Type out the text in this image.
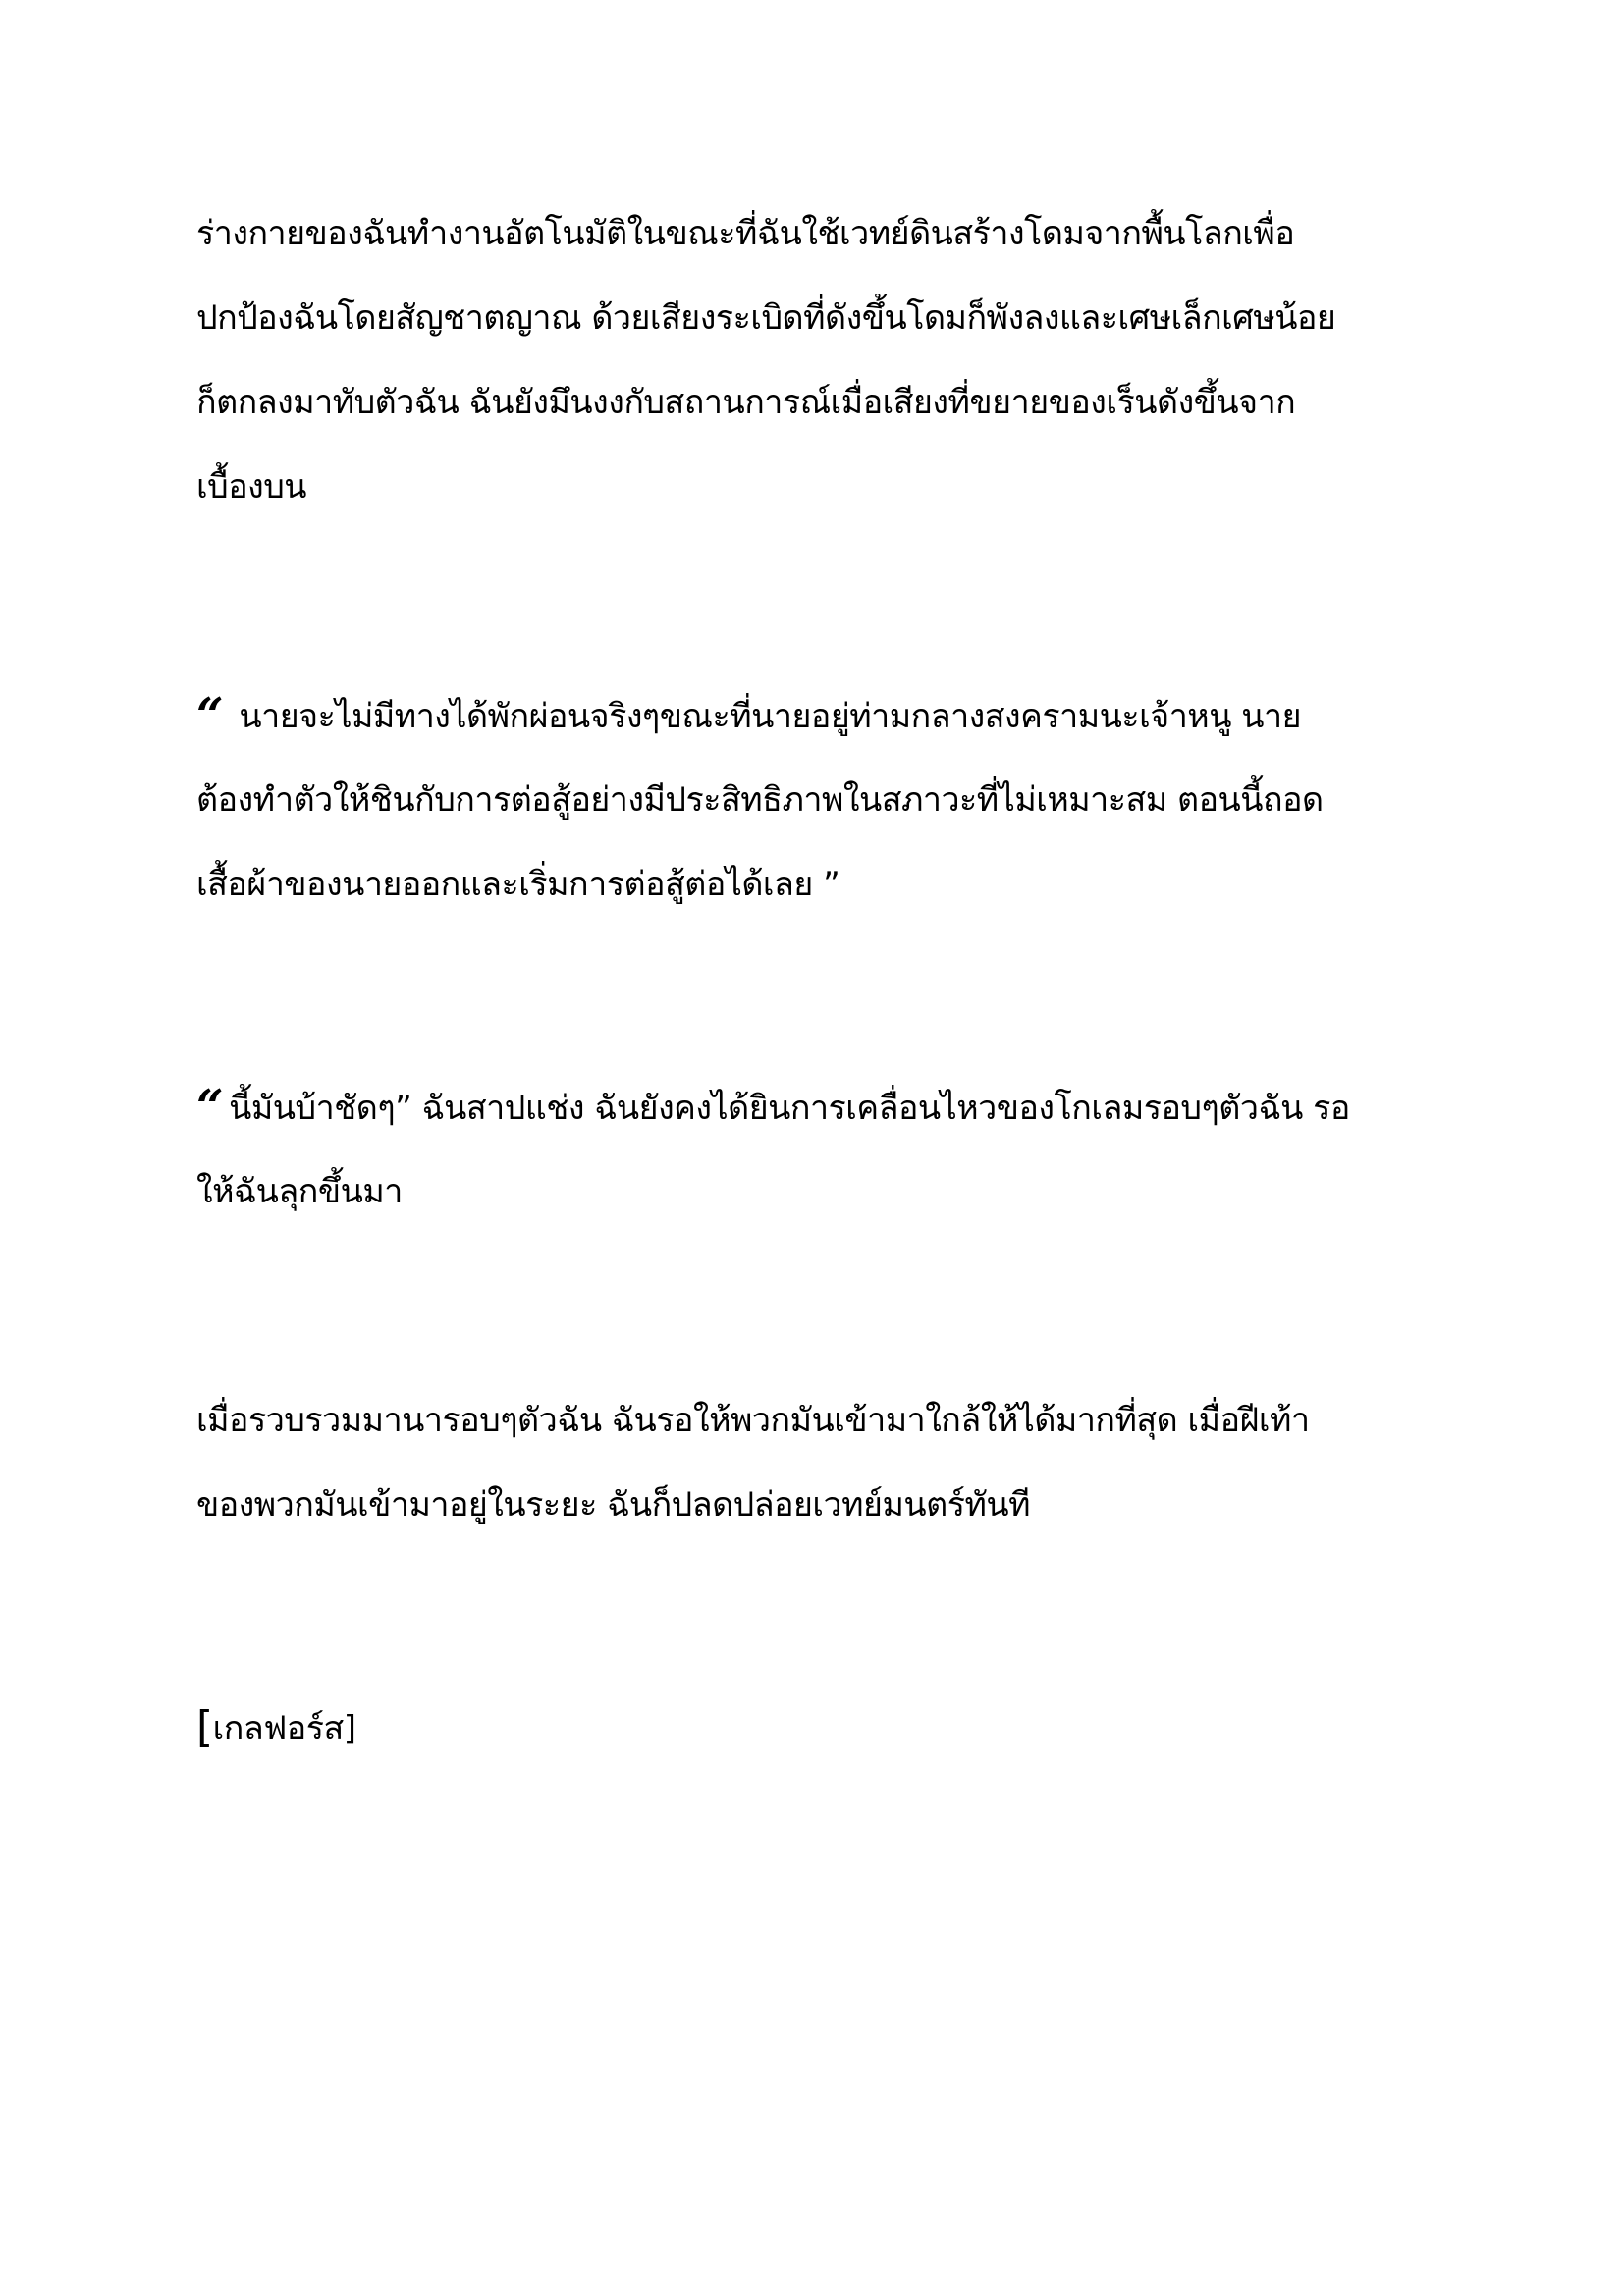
ร่างกายของฉันทำงานอัตโนมัติในขณะที่ฉันใช้เวทย์ดินสร้างโดมจากพื้นโลกเพื่อ
ปกป้องฉันโดยสัญชาตญาณ ด้วยเสียงระเบิดที่ดังขึ้นโดมก็พังลงและเศษเล็กเศษน้อย
ก็ตกลงมาทับตัวฉัน ฉันยังมึนงงกับสถานการณ์เมื่อเสียงที่ขยายของเร็นดังขึ้นจาก
เบื้องบน
“ นายจะไม่มีทางได้พักผ่อนจริงๆขณะที่นายอยู่ท่ามกลางสงครามนะเจ้าหนู นาย
ต้องทำตัวให้ชินกับการต่อสู้อย่างมีประสิทธิภาพในสภาวะที่ไม่เหมาะสม ตอนนี้ถอด
เสื้อผ้าของนายออกและเริ่มการต่อสู้ต่อได้เลย ”
“ นี้มันบ้าชัดๆ” ฉันสาปแช่ง ฉันยังคงได้ยินการเคลื่อนไหวของโกเลมรอบๆตัวฉัน รอ
ให้ฉันลุกขึ้นมา
เมื่อรวบรวมมานารอบๆตัวฉัน ฉันรอให้พวกมันเข้ามาใกล้ให้ได้มากที่สุด เมื่อฝีเท้า
ของพวกมันเข้ามาอยู่ในระยะ ฉันก็ปลดปล่อยเวทย์มนตร์ทันที
[เกลฟอร์ส]
